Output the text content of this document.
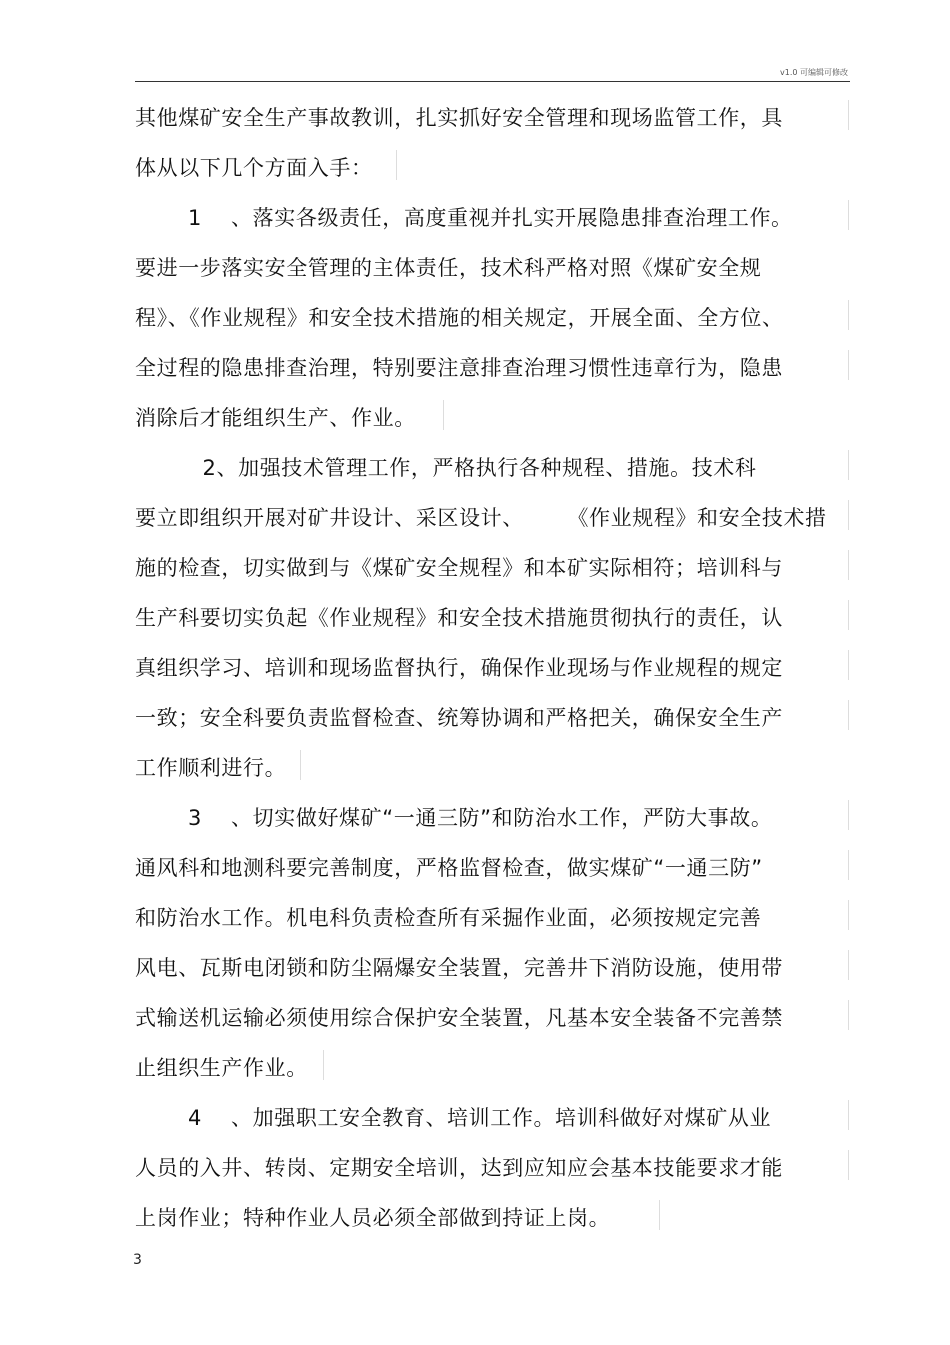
v1.0 可编辑可修改
其他煤矿安全生产事故教训，扎实抓好安全管理和现场监管工作，具
体从以下几个方面入手：
1    、落实各级责任，高度重视并扎实开展隐患排查治理工作。
要进一步落实安全管理的主体责任，技术科严格对照《煤矿安全规
程》、《作业规程》和安全技术措施的相关规定，开展全面、全方位、
全过程的隐患排查治理，特别要注意排查治理习惯性违章行为，隐患
消除后才能组织生产、作业。
2、加强技术管理工作，严格执行各种规程、措施。技术科
要立即组织开展对矿井设计、采区设计、      《作业规程》和安全技术措
施的检查，切实做到与《煤矿安全规程》和本矿实际相符；培训科与
生产科要切实负起《作业规程》和安全技术措施贯彻执行的责任，认
真组织学习、培训和现场监督执行，确保作业现场与作业规程的规定
一致；安全科要负责监督检查、统筹协调和严格把关，确保安全生产
工作顺利进行。
3    、切实做好煤矿“一通三防”和防治水工作，严防大事故。
通风科和地测科要完善制度，严格监督检查，做实煤矿“一通三防”
和防治水工作。机电科负责检查所有采掘作业面，必须按规定完善
风电、瓦斯电闭锁和防尘隔爆安全装置，完善井下消防设施，使用带
式输送机运输必须使用综合保护安全装置，凡基本安全装备不完善禁
止组织生产作业。
4    、加强职工安全教育、培训工作。培训科做好对煤矿从业
人员的入井、转岗、定期安全培训，达到应知应会基本技能要求才能
上岗作业；特种作业人员必须全部做到持证上岗。
3
